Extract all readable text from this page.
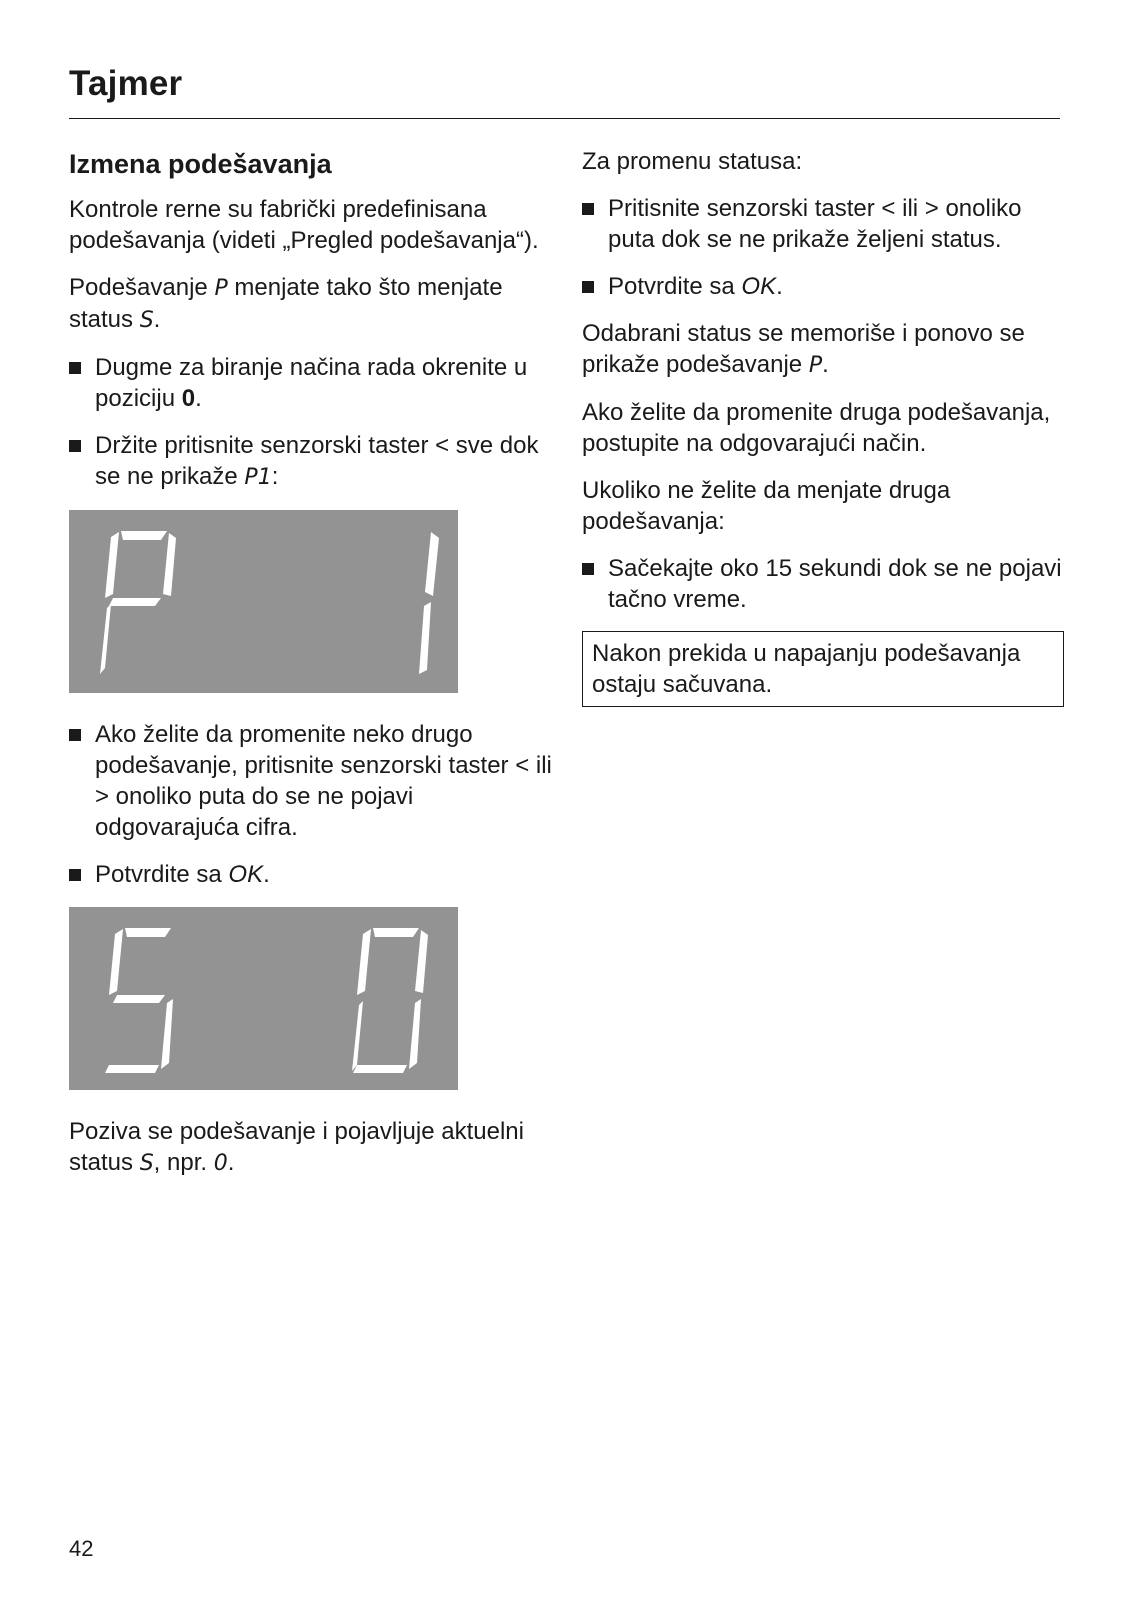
Tajmer
Izmena podešavanja

Kontrole rerne su fabrički predefinisana podešavanja (videti „Pregled podešavanja“).

Podešavanje P menjate tako što menjate status S.

Dugme za biranje načina rada okrenite u poziciju 0.
Držite pritisnite senzorski taster < sve dok se ne prikaže P1:
Ako želite da promenite neko drugo podešavanje, pritisnite senzorski taster < ili > onoliko puta do se ne pojavi odgovarajuća cifra.
Potvrdite sa OK.

Poziva se podešavanje i pojavljuje aktuelni status S, npr. 0.

Za promenu statusa:

Pritisnite senzorski taster < ili > onoliko puta dok se ne prikaže željeni status.
Potvrdite sa OK.

Odabrani status se memoriše i ponovo se prikaže podešavanje P.

Ako želite da promenite druga podešavanja, postupite na odgovarajući način.

Ukoliko ne želite da menjate druga podešavanja:

Sačekajte oko 15 sekundi dok se ne pojavi tačno vreme.
Nakon prekida u napajanju podešavanja ostaju sačuvana.
42
